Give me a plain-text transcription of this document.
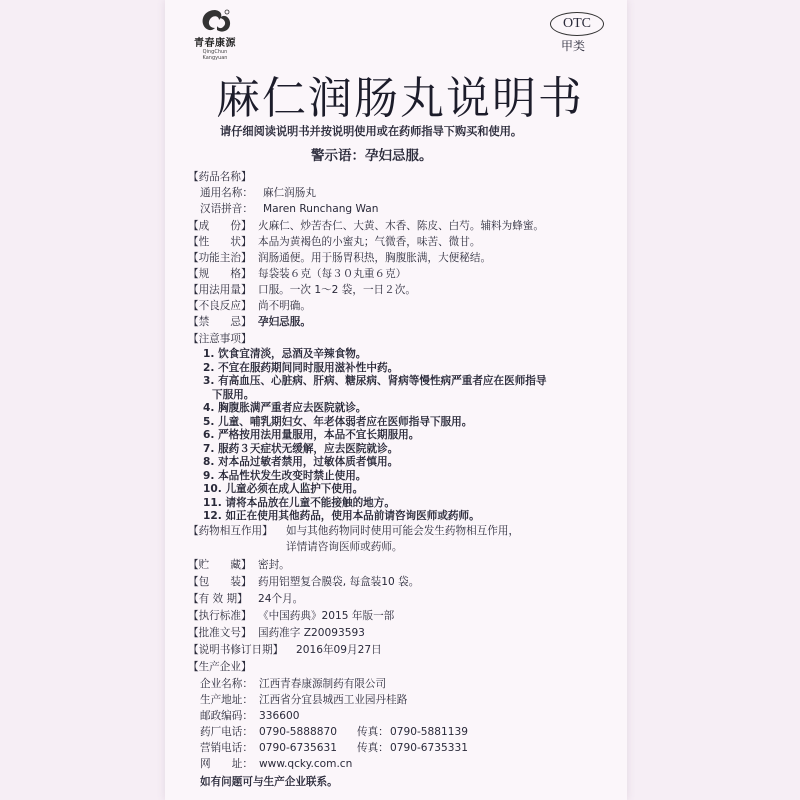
青春康源
QingChun Kangyuan
OTC
甲类
麻仁润肠丸说明书
请仔细阅读说明书并按说明使用或在药师指导下购买和使用。
警示语：孕妇忌服。
【药品名称】
通用名称： 麻仁润肠丸
汉语拼音： Maren Runchang Wan
【成　　份】 火麻仁、炒苦杏仁、大黄、木香、陈皮、白芍。辅料为蜂蜜。
【性　　状】 本品为黄褐色的小蜜丸；气微香，味苦、微甘。
【功能主治】 润肠通便。用于肠胃积热，胸腹胀满，大便秘结。
【规　　格】 每袋装６克（每３０丸重６克）
【用法用量】 口服。一次 1～2 袋，一日２次。
【不良反应】 尚不明确。
【禁　　忌】 孕妇忌服。
【注意事项】
1. 饮食宜清淡，忌酒及辛辣食物。
2. 不宜在服药期间同时服用滋补性中药。
3. 有高血压、心脏病、肝病、糖尿病、肾病等慢性病严重者应在医师指导
下服用。
4. 胸腹胀满严重者应去医院就诊。
5. 儿童、哺乳期妇女、年老体弱者应在医师指导下服用。
6. 严格按用法用量服用，本品不宜长期服用。
7. 服药３天症状无缓解，应去医院就诊。
8. 对本品过敏者禁用，过敏体质者慎用。
9. 本品性状发生改变时禁止使用。
10. 儿童必须在成人监护下使用。
11. 请将本品放在儿童不能接触的地方。
12. 如正在使用其他药品，使用本品前请咨询医师或药师。
【药物相互作用】 如与其他药物同时使用可能会发生药物相互作用，
详情请咨询医师或药师。
【贮　　藏】 密封。
【包　　装】 药用铝塑复合膜袋, 每盒装10 袋。
【有 效 期】 24个月。
【执行标准】 《中国药典》2015 年版一部
【批准文号】 国药准字 Z20093593
【说明书修订日期】 2016年09月27日
【生产企业】
企业名称： 江西青春康源制药有限公司
生产地址： 江西省分宜县城西工业园丹桂路
邮政编码： 336600
药厂电话： 0790-5888870 传真： 0790-5881139
营销电话： 0790-6735631 传真： 0790-6735331
网　　址： www.qcky.com.cn
如有问题可与生产企业联系。
